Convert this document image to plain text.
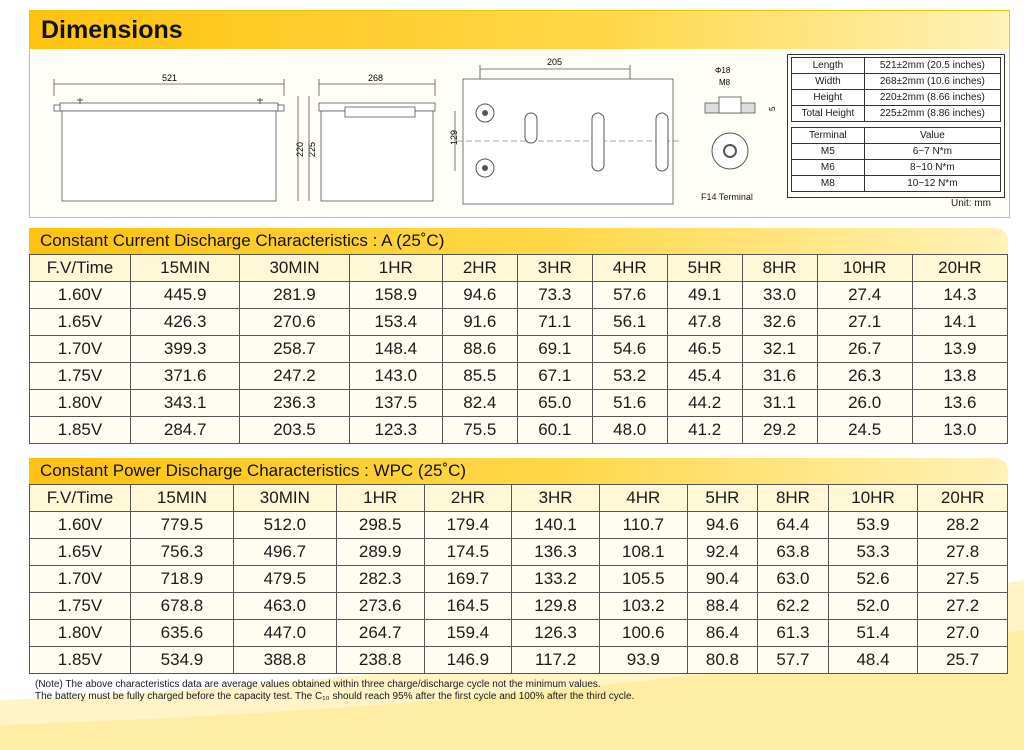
Dimensions
521
220 225
268
205
129
Φ18
M8
5
F14 Terminal
Length	521±2mm (20.5 inches)
Width	268±2mm (10.6 inches)
Height	220±2mm (8.66 inches)
Total Height	225±2mm (8.86 inches)

Terminal	Value
M5	6~7 N*m
M6	8~10 N*m
M8	10~12 N*m
Unit: mm
Constant Current Discharge Characteristics : A (25˚C)
F.V/Time	15MIN	30MIN	1HR	2HR	3HR	4HR	5HR	8HR	10HR	20HR
1.60V	445.9	281.9	158.9	94.6	73.3	57.6	49.1	33.0	27.4	14.3
1.65V	426.3	270.6	153.4	91.6	71.1	56.1	47.8	32.6	27.1	14.1
1.70V	399.3	258.7	148.4	88.6	69.1	54.6	46.5	32.1	26.7	13.9
1.75V	371.6	247.2	143.0	85.5	67.1	53.2	45.4	31.6	26.3	13.8
1.80V	343.1	236.3	137.5	82.4	65.0	51.6	44.2	31.1	26.0	13.6
1.85V	284.7	203.5	123.3	75.5	60.1	48.0	41.2	29.2	24.5	13.0
Constant Power Discharge Characteristics : WPC (25˚C)
F.V/Time	15MIN	30MIN	1HR	2HR	3HR	4HR	5HR	8HR	10HR	20HR
1.60V	779.5	512.0	298.5	179.4	140.1	110.7	94.6	64.4	53.9	28.2
1.65V	756.3	496.7	289.9	174.5	136.3	108.1	92.4	63.8	53.3	27.8
1.70V	718.9	479.5	282.3	169.7	133.2	105.5	90.4	63.0	52.6	27.5
1.75V	678.8	463.0	273.6	164.5	129.8	103.2	88.4	62.2	52.0	27.2
1.80V	635.6	447.0	264.7	159.4	126.3	100.6	86.4	61.3	51.4	27.0
1.85V	534.9	388.8	238.8	146.9	117.2	93.9	80.8	57.7	48.4	25.7
(Note) The above characteristics data are average values obtained within three charge/discharge cycle not the minimum values.
The battery must be fully charged before the capacity test. The C₁₀ should reach 95% after the first cycle and 100% after the third cycle.
